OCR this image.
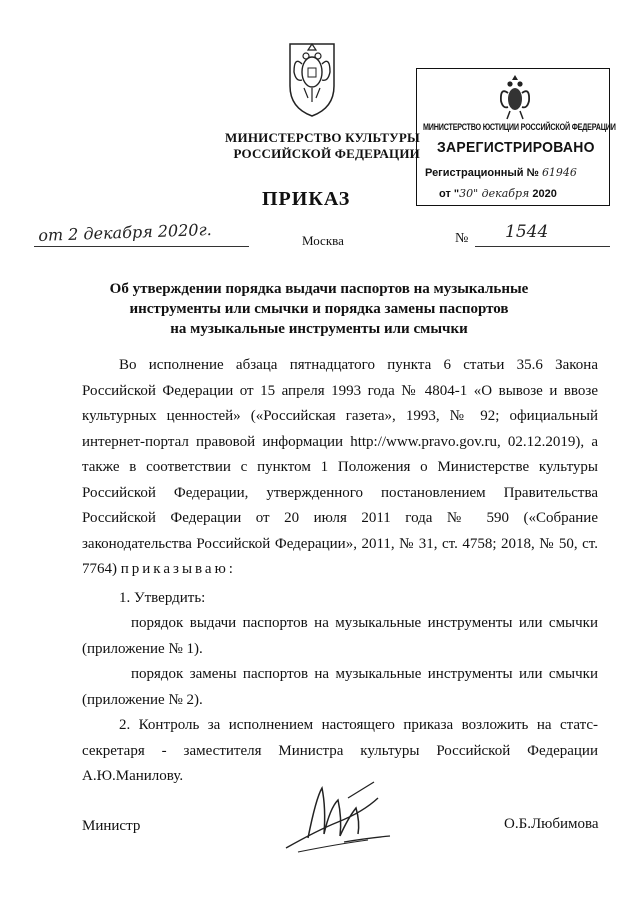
МИНИСТЕРСТВО КУЛЬТУРЫ
РОССИЙСКОЙ ФЕДЕРАЦИИ
МИНИСТЕРСТВО ЮСТИЦИИ РОССИЙСКОЙ ФЕДЕРАЦИИ
ЗАРЕГИСТРИРОВАНО
Регистрационный № 61946
от "30" декабря 2020
ПРИКАЗ
от 2 декабря 2020г.	Москва	№ 1544
Об утверждении порядка выдачи паспортов на музыкальные
инструменты или смычки и порядка замены паспортов
на музыкальные инструменты или смычки
Во исполнение абзаца пятнадцатого пункта 6 статьи 35.6 Закона Российской Федерации от 15 апреля 1993 года № 4804-1 «О вывозе и ввозе культурных ценностей» («Российская газета», 1993, № 92; официальный интернет-портал правовой информации http://www.pravo.gov.ru, 02.12.2019), а также в соответствии с пунктом 1 Положения о Министерстве культуры Российской Федерации, утвержденного постановлением Правительства Российской Федерации от 20 июля 2011 года № 590 («Собрание законодательства Российской Федерации», 2011, № 31, ст. 4758; 2018, № 50, ст. 7764) приказываю:
1. Утвердить:
порядок выдачи паспортов на музыкальные инструменты или смычки (приложение № 1).
порядок замены паспортов на музыкальные инструменты или смычки (приложение № 2).
2. Контроль за исполнением настоящего приказа возложить на статс-секретаря - заместителя Министра культуры Российской Федерации А.Ю.Манилову.
Министр	О.Б.Любимова
